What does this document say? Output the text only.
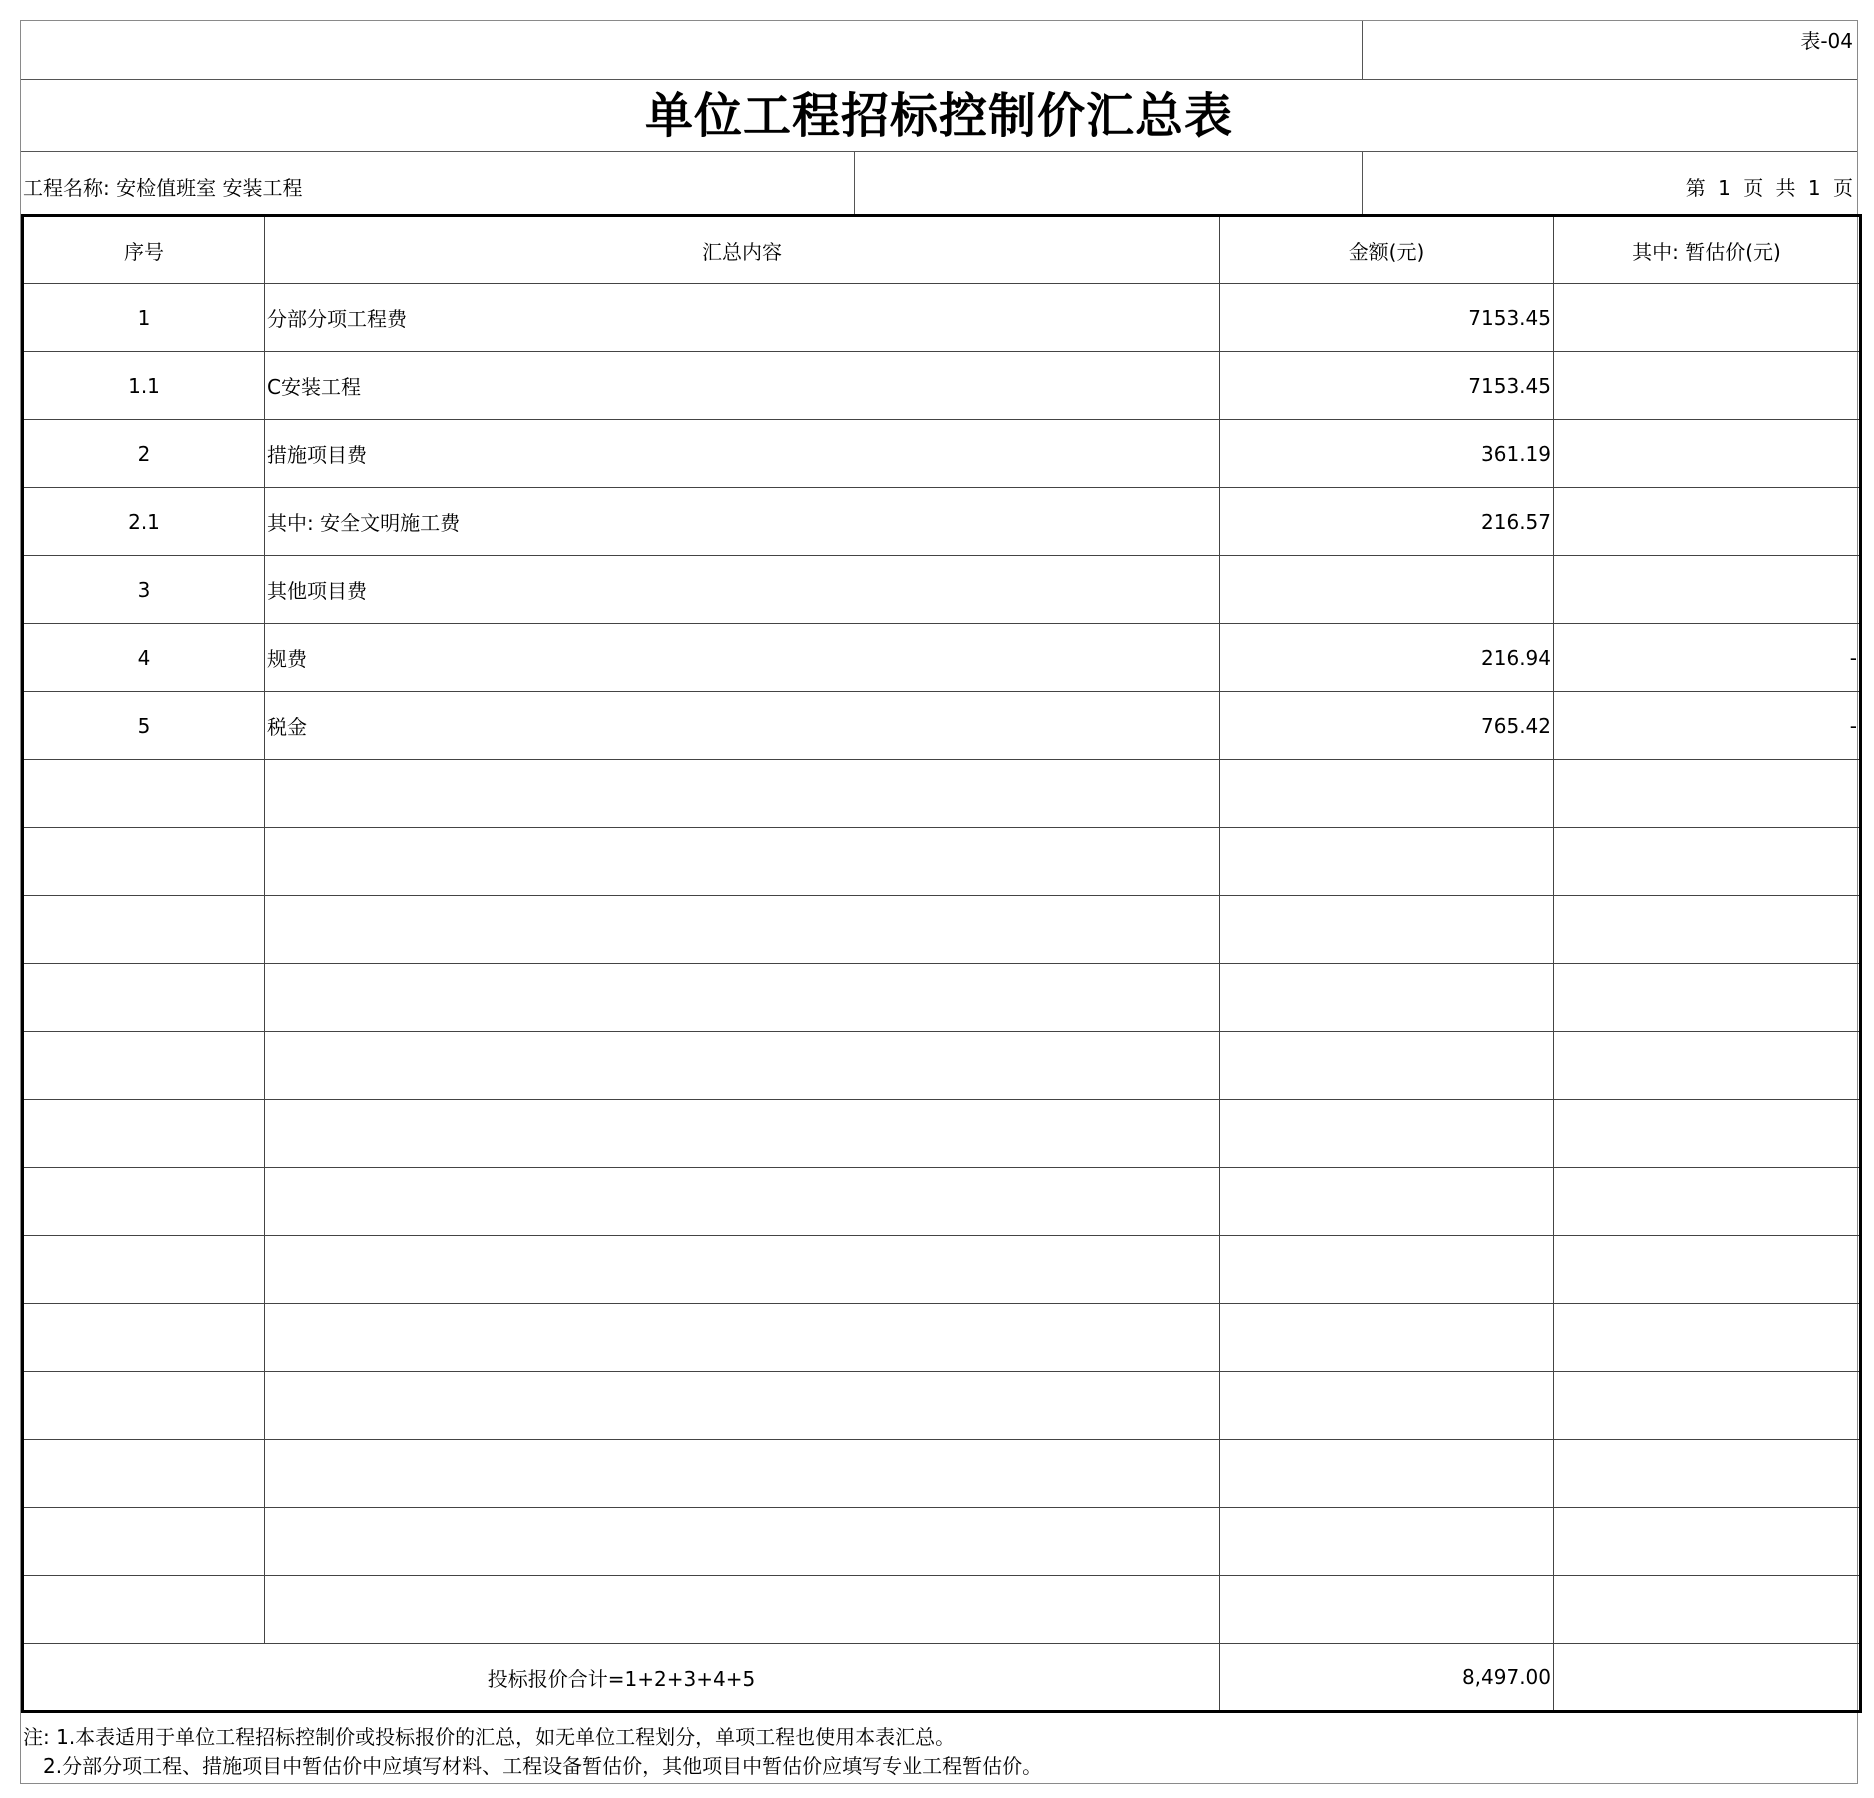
表-04
单位工程招标控制价汇总表
工程名称: 安检值班室 安装工程	第 1 页 共 1 页
序号	汇总内容	金额(元)	其中: 暂估价(元)
1	分部分项工程费	7153.45	
1.1	C安装工程	7153.45	
2	措施项目费	361.19	
2.1	其中: 安全文明施工费	216.57	
3	其他项目费		
4	规费	216.94	-
5	税金	765.42	-

投标报价合计=1+2+3+4+5		8,497.00	
注: 1.本表适用于单位工程招标控制价或投标报价的汇总，如无单位工程划分，单项工程也使用本表汇总。
　2.分部分项工程、措施项目中暂估价中应填写材料、工程设备暂估价，其他项目中暂估价应填写专业工程暂估价。
